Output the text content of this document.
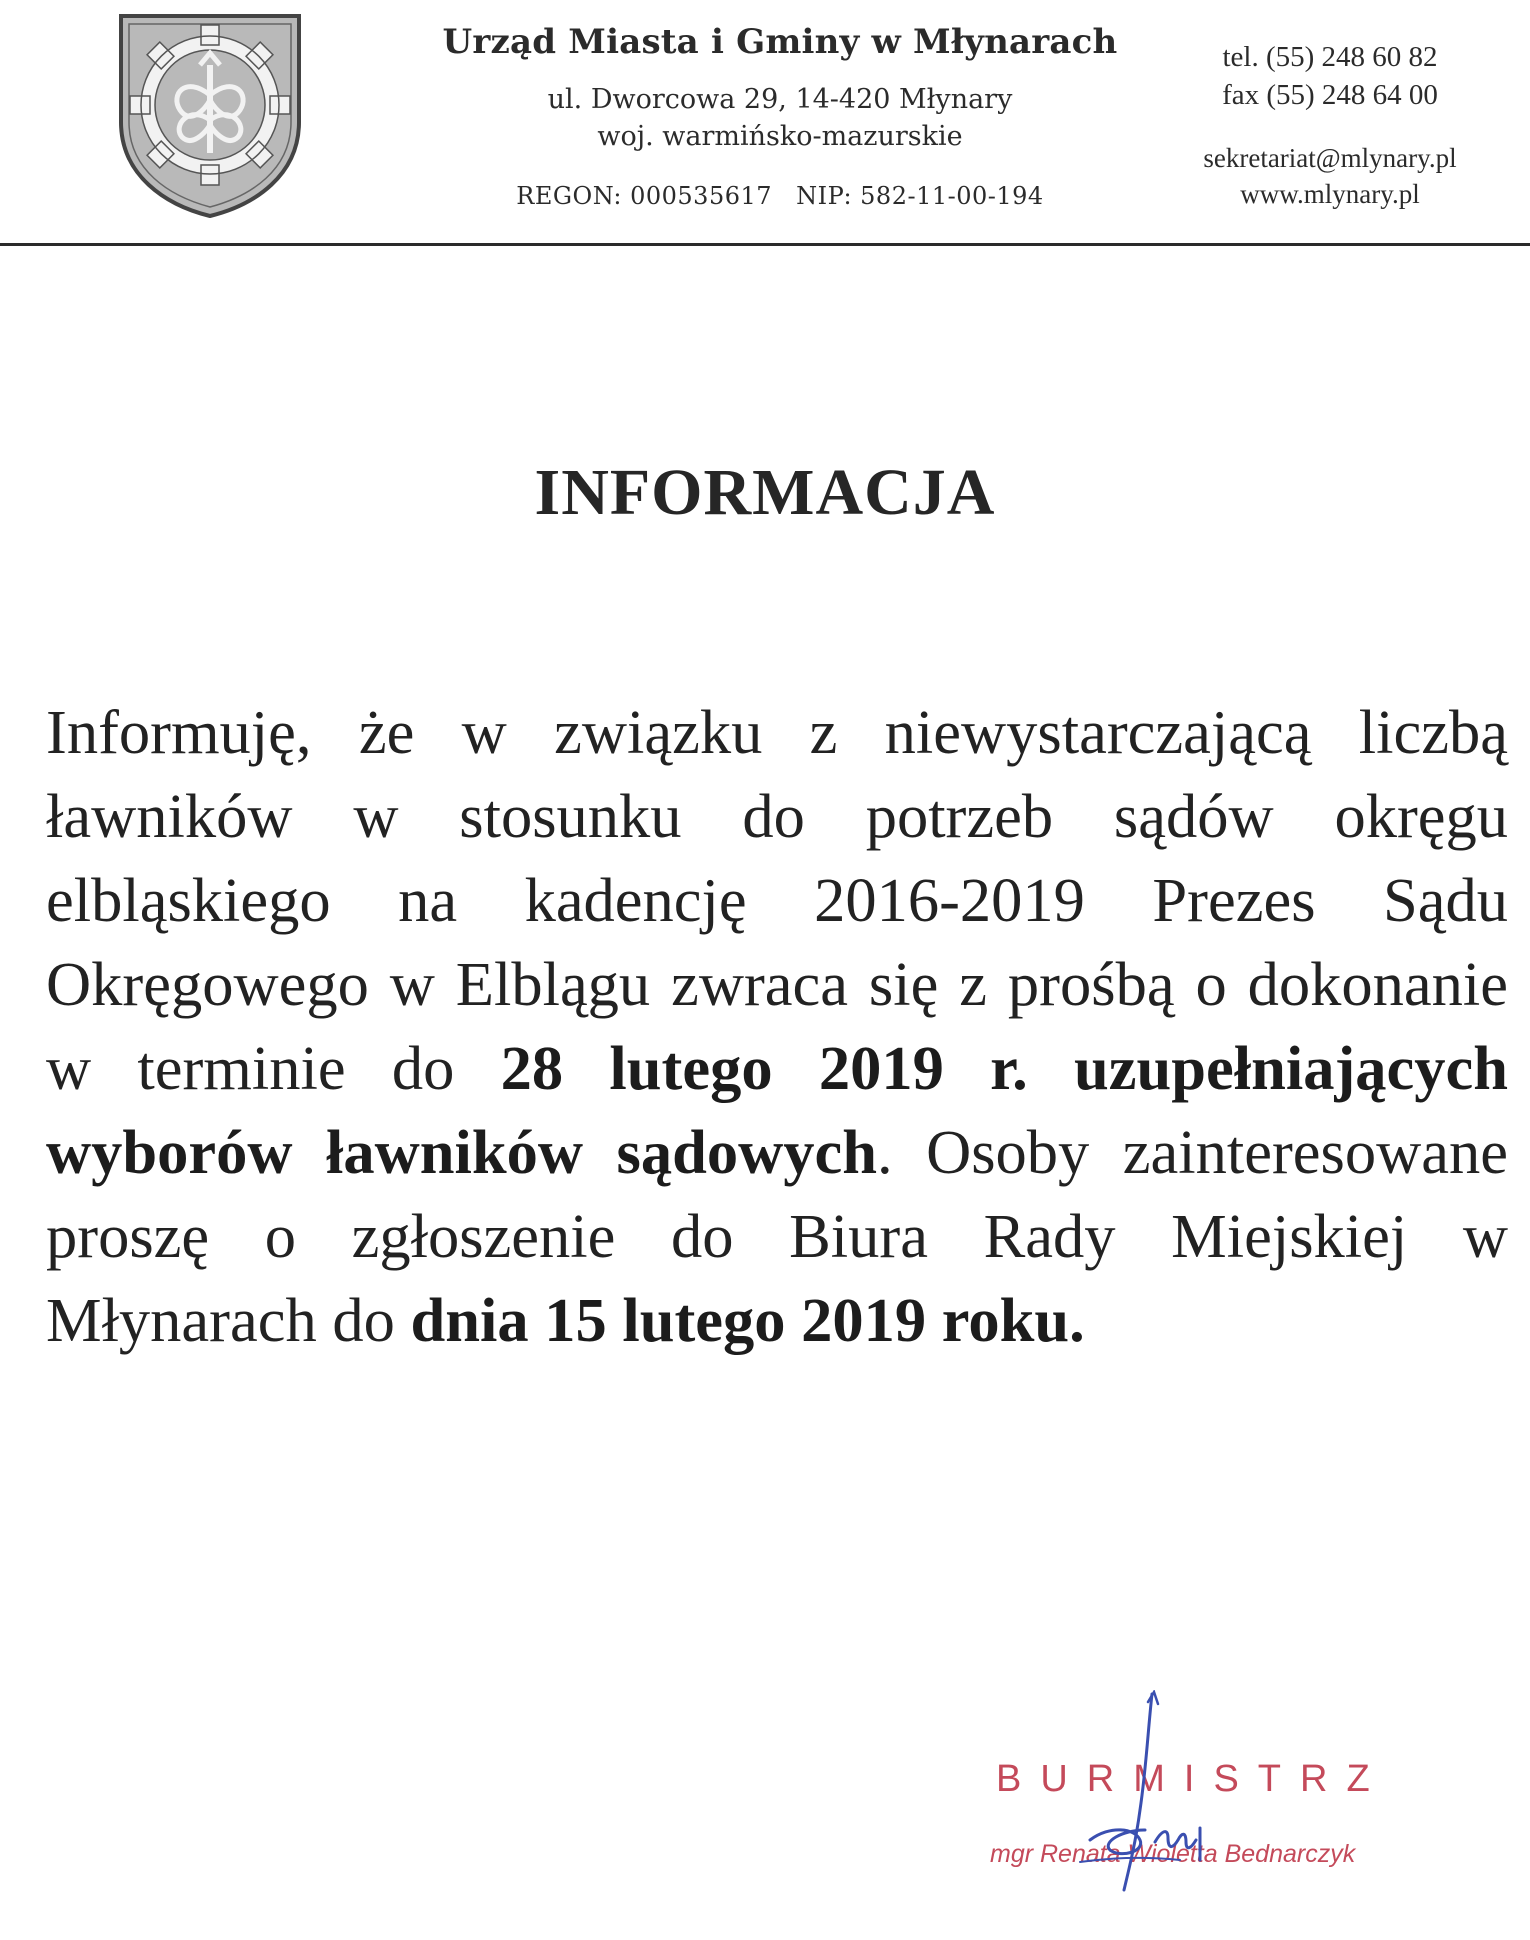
Urząd Miasta i Gminy w Młynarach
ul. Dworcowa 29, 14-420 Młynary
woj. warmińsko-mazurskie
REGON: 000535617 NIP: 582-11-00-194
tel. (55) 248 60 82
fax (55) 248 64 00
sekretariat@mlynary.pl
www.mlynary.pl
INFORMACJA
Informuję, że w związku z niewystarczającą liczbą ławników w stosunku do potrzeb sądów okręgu elbląskiego na kadencję 2016-2019 Prezes Sądu Okręgowego w Elblągu zwraca się z prośbą o dokonanie w terminie do 28 lutego 2019 r. uzupełniających wyborów ławników sądowych. Osoby zainteresowane proszę o zgłoszenie do Biura Rady Miejskiej w Młynarach do dnia 15 lutego 2019 roku.
BURMISTRZ
mgr Renata Wioletta Bednarczyk
